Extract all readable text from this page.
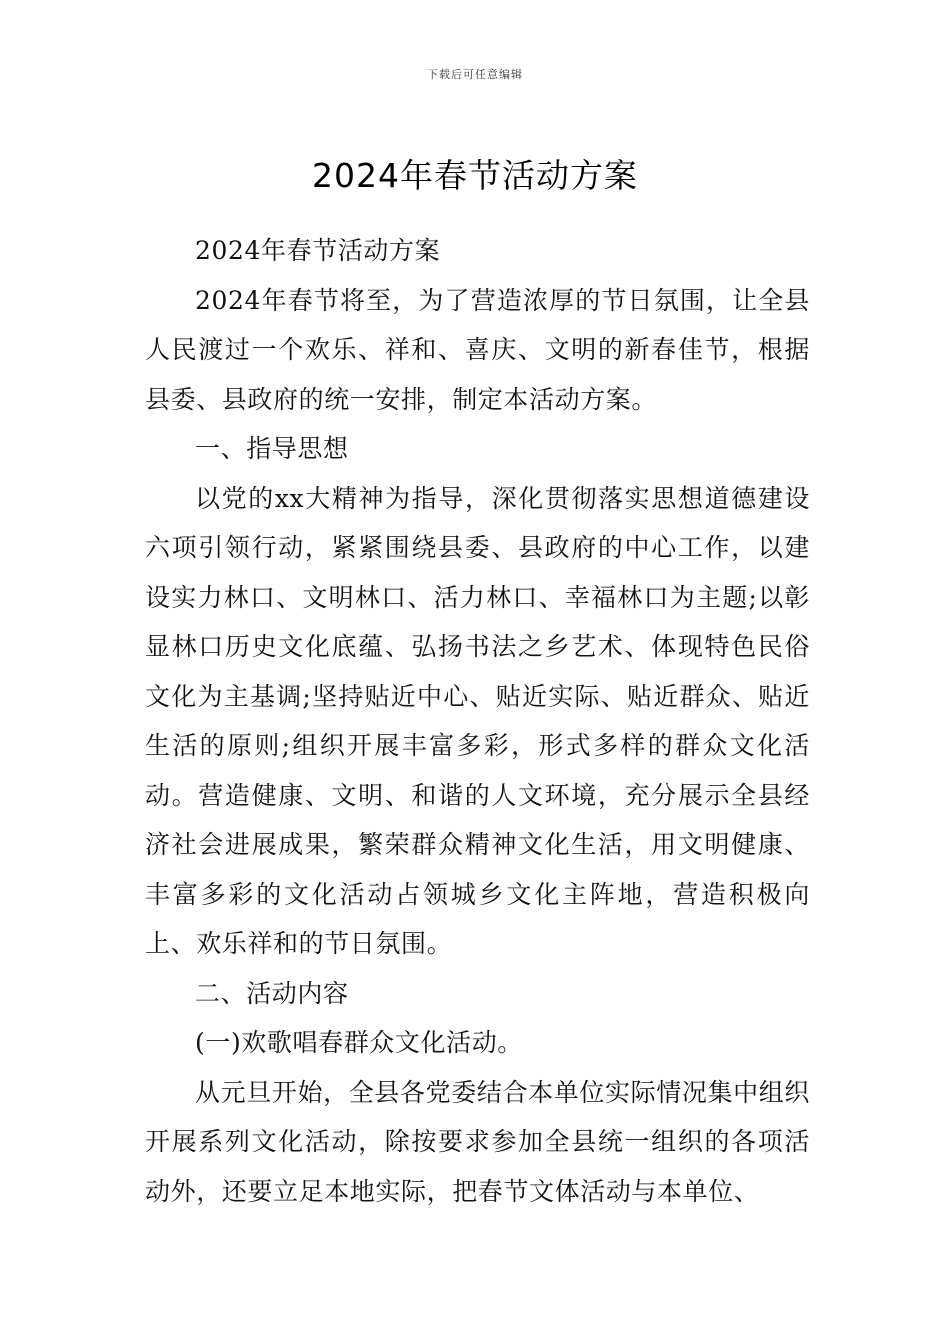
下载后可任意编辑
2024年春节活动方案

2024年春节活动方案

2024年春节将至，为了营造浓厚的节日氛围，让全县人民渡过一个欢乐、祥和、喜庆、文明的新春佳节，根据县委、县政府的统一安排，制定本活动方案。

一、指导思想

以党的xx大精神为指导，深化贯彻落实思想道德建设六项引领行动，紧紧围绕县委、县政府的中心工作，以建设实力林口、文明林口、活力林口、幸福林口为主题;以彰显林口历史文化底蕴、弘扬书法之乡艺术、体现特色民俗文化为主基调;坚持贴近中心、贴近实际、贴近群众、贴近生活的原则;组织开展丰富多彩，形式多样的群众文化活动。营造健康、文明、和谐的人文环境，充分展示全县经济社会进展成果，繁荣群众精神文化生活，用文明健康、丰富多彩的文化活动占领城乡文化主阵地，营造积极向上、欢乐祥和的节日氛围。

二、活动内容

(一)欢歌唱春群众文化活动。

从元旦开始，全县各党委结合本单位实际情况集中组织开展系列文化活动，除按要求参加全县统一组织的各项活动外，还要立足本地实际，把春节文体活动与本单位、
